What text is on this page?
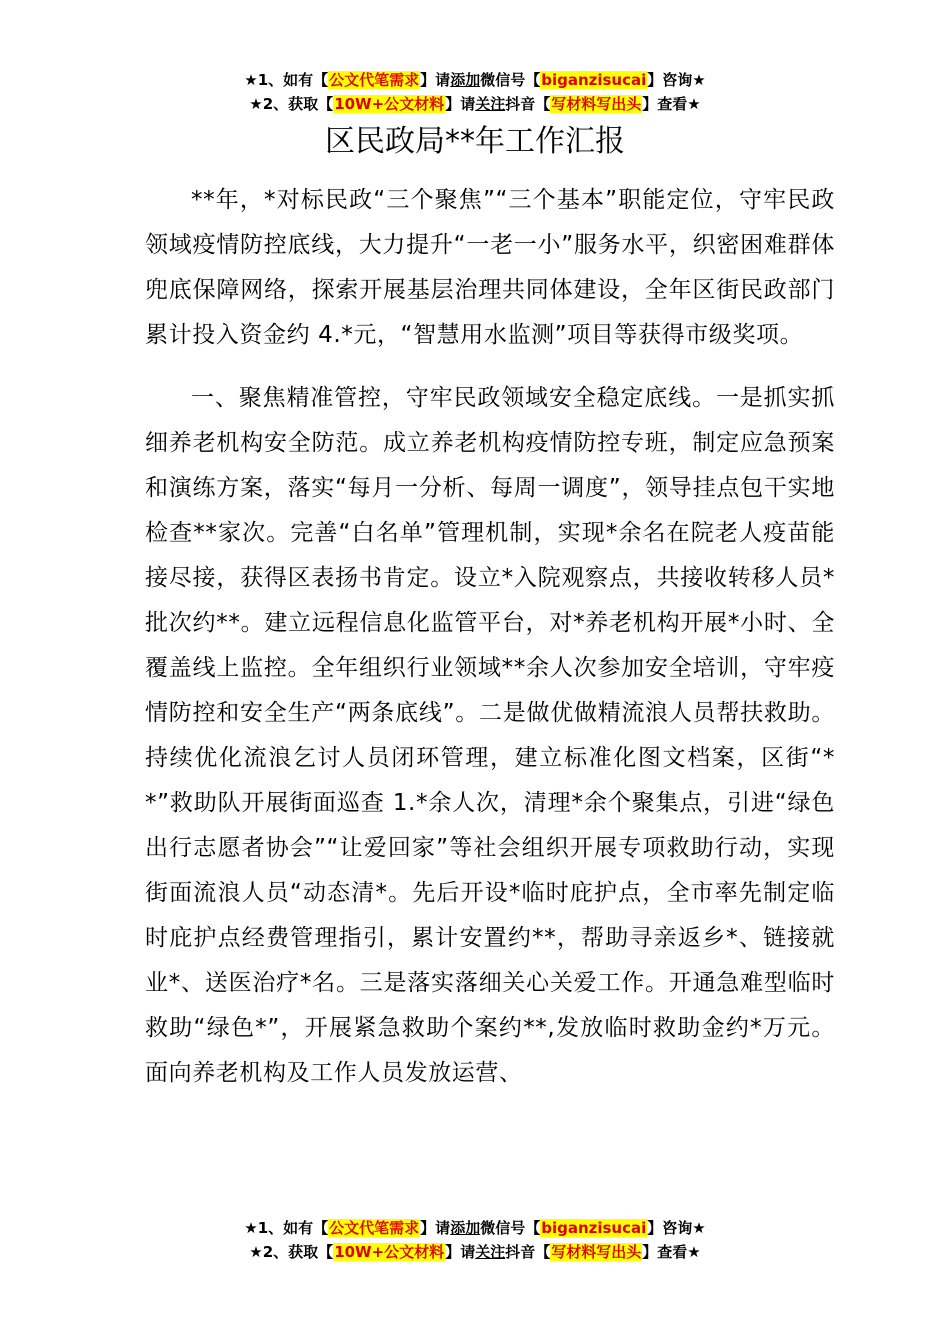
★1、如有【公文代笔需求】请添加微信号【biganzisucai】咨询★
★2、获取【10W+公文材料】请关注抖音【写材料写出头】查看★
区民政局**年工作汇报

**年，*对标民政“三个聚焦”“三个基本”职能定位，守牢民政领域疫情防控底线，大力提升“一老一小”服务水平，织密困难群体兜底保障网络，探索开展基层治理共同体建设，全年区街民政部门累计投入资金约 4.*元，“智慧用水监测”项目等获得市级奖项。

一、聚焦精准管控，守牢民政领域安全稳定底线。一是抓实抓细养老机构安全防范。成立养老机构疫情防控专班，制定应急预案和演练方案，落实“每月一分析、每周一调度”，领导挂点包干实地检查**家次。完善“白名单”管理机制，实现*余名在院老人疫苗能接尽接，获得区表扬书肯定。设立*入院观察点，共接收转移人员*批次约**。建立远程信息化监管平台，对*养老机构开展*小时、全覆盖线上监控。全年组织行业领域**余人次参加安全培训，守牢疫情防控和安全生产“两条底线”。二是做优做精流浪人员帮扶救助。持续优化流浪乞讨人员闭环管理，建立标准化图文档案，区街“**”救助队开展街面巡查 1.*余人次，清理*余个聚集点，引进“绿色出行志愿者协会”“让爱回家”等社会组织开展专项救助行动，实现街面流浪人员“动态清*。先后开设*临时庇护点，全市率先制定临时庇护点经费管理指引，累计安置约**，帮助寻亲返乡*、链接就业*、送医治疗*名。三是落实落细关心关爱工作。开通急难型临时救助“绿色*”，开展紧急救助个案约**,发放临时救助金约*万元。面向养老机构及工作人员发放运营、

★1、如有【公文代笔需求】请添加微信号【biganzisucai】咨询★
★2、获取【10W+公文材料】请关注抖音【写材料写出头】查看★
